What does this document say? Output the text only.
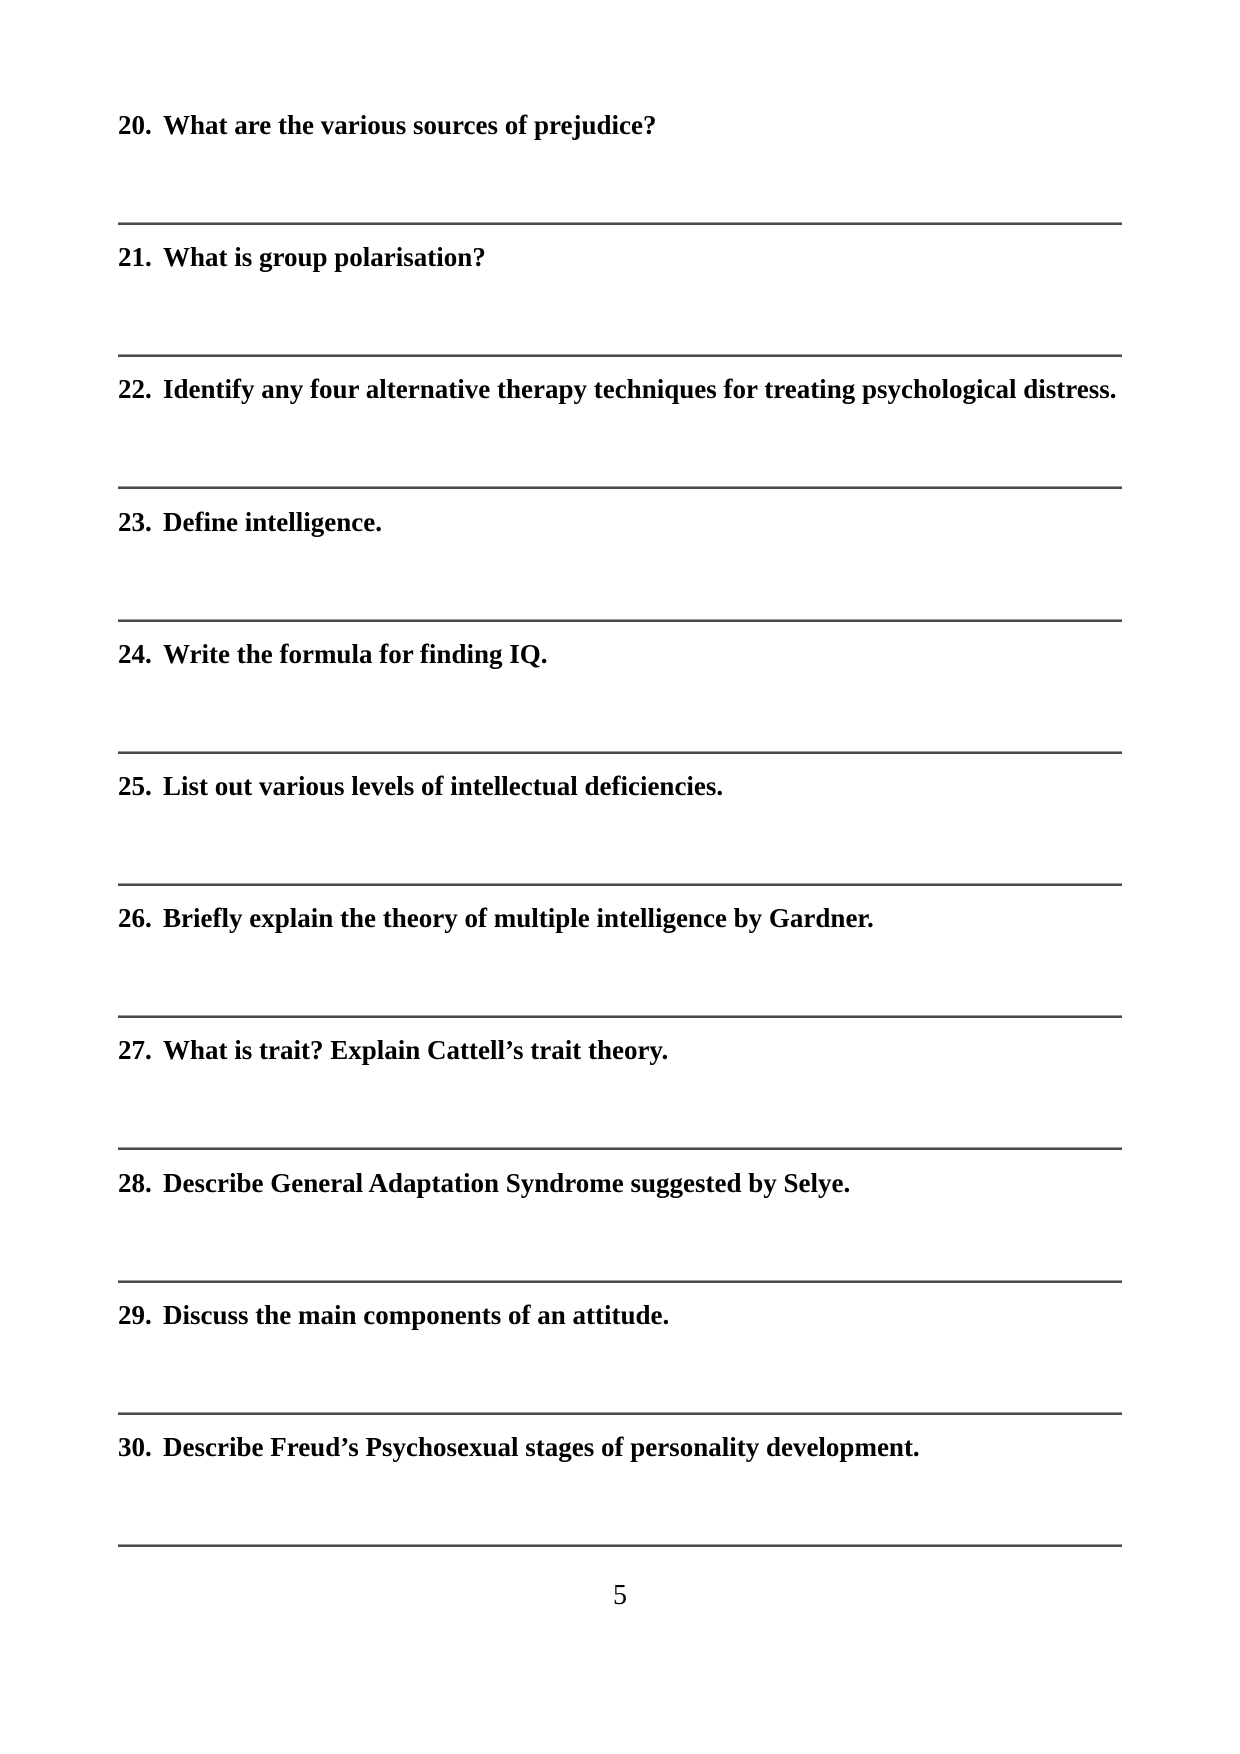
20. What are the various sources of prejudice?
21. What is group polarisation?
22. Identify any four alternative therapy techniques for treating psychological distress.
23. Define intelligence.
24. Write the formula for finding IQ.
25. List out various levels of intellectual deficiencies.
26. Briefly explain the theory of multiple intelligence by Gardner.
27. What is trait? Explain Cattell’s trait theory.
28. Describe General Adaptation Syndrome suggested by Selye.
29. Discuss the main components of an attitude.
30. Describe Freud’s Psychosexual stages of personality development.
5
